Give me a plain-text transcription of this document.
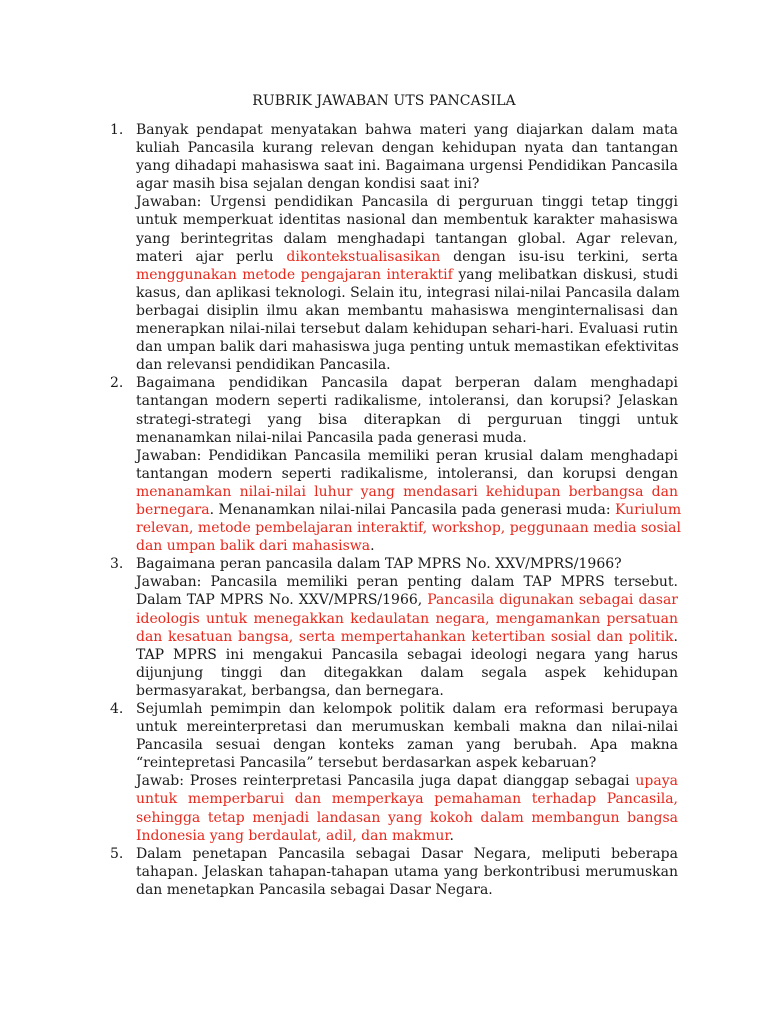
RUBRIK JAWABAN UTS PANCASILA
1. Banyak pendapat menyatakan bahwa materi yang diajarkan dalam mata
kuliah Pancasila kurang relevan dengan kehidupan nyata dan tantangan
yang dihadapi mahasiswa saat ini. Bagaimana urgensi Pendidikan Pancasila
agar masih bisa sejalan dengan kondisi saat ini?
Jawaban: Urgensi pendidikan Pancasila di perguruan tinggi tetap tinggi
untuk memperkuat identitas nasional dan membentuk karakter mahasiswa
yang berintegritas dalam menghadapi tantangan global. Agar relevan,
materi ajar perlu dikontekstualisasikan dengan isu-isu terkini, serta
menggunakan metode pengajaran interaktif yang melibatkan diskusi, studi
kasus, dan aplikasi teknologi. Selain itu, integrasi nilai-nilai Pancasila dalam
berbagai disiplin ilmu akan membantu mahasiswa menginternalisasi dan
menerapkan nilai-nilai tersebut dalam kehidupan sehari-hari. Evaluasi rutin
dan umpan balik dari mahasiswa juga penting untuk memastikan efektivitas
dan relevansi pendidikan Pancasila.
2. Bagaimana pendidikan Pancasila dapat berperan dalam menghadapi
tantangan modern seperti radikalisme, intoleransi, dan korupsi? Jelaskan
strategi-strategi yang bisa diterapkan di perguruan tinggi untuk
menanamkan nilai-nilai Pancasila pada generasi muda.
Jawaban: Pendidikan Pancasila memiliki peran krusial dalam menghadapi
tantangan modern seperti radikalisme, intoleransi, dan korupsi dengan
menanamkan nilai-nilai luhur yang mendasari kehidupan berbangsa dan
bernegara. Menanamkan nilai-nilai Pancasila pada generasi muda: Kuriulum
relevan, metode pembelajaran interaktif, workshop, peggunaan media sosial
dan umpan balik dari mahasiswa.
3. Bagaimana peran pancasila dalam TAP MPRS No. XXV/MPRS/1966?
Jawaban: Pancasila memiliki peran penting dalam TAP MPRS tersebut.
Dalam TAP MPRS No. XXV/MPRS/1966, Pancasila digunakan sebagai dasar
ideologis untuk menegakkan kedaulatan negara, mengamankan persatuan
dan kesatuan bangsa, serta mempertahankan ketertiban sosial dan politik.
TAP MPRS ini mengakui Pancasila sebagai ideologi negara yang harus
dijunjung tinggi dan ditegakkan dalam segala aspek kehidupan
bermasyarakat, berbangsa, dan bernegara.
4. Sejumlah pemimpin dan kelompok politik dalam era reformasi berupaya
untuk mereinterpretasi dan merumuskan kembali makna dan nilai-nilai
Pancasila sesuai dengan konteks zaman yang berubah. Apa makna
“reintepretasi Pancasila” tersebut berdasarkan aspek kebaruan?
Jawab: Proses reinterpretasi Pancasila juga dapat dianggap sebagai upaya
untuk memperbarui dan memperkaya pemahaman terhadap Pancasila,
sehingga tetap menjadi landasan yang kokoh dalam membangun bangsa
Indonesia yang berdaulat, adil, dan makmur.
5. Dalam penetapan Pancasila sebagai Dasar Negara, meliputi beberapa
tahapan. Jelaskan tahapan-tahapan utama yang berkontribusi merumuskan
dan menetapkan Pancasila sebagai Dasar Negara.
